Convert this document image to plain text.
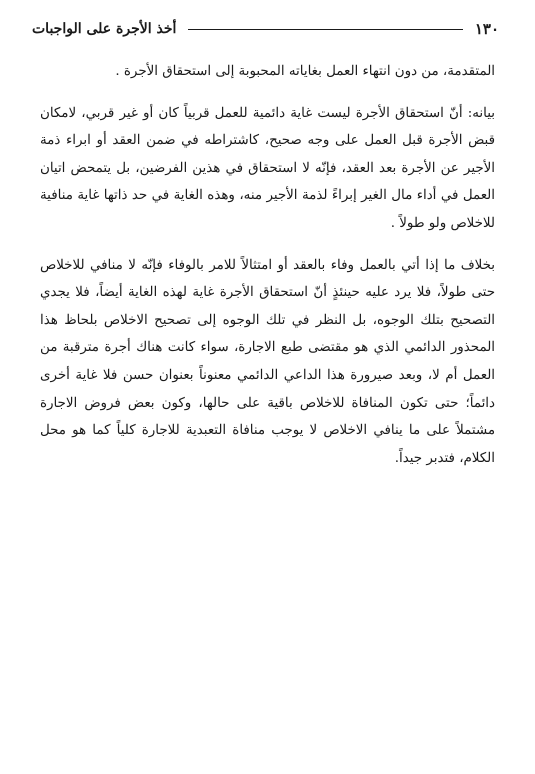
١٣٠
أخذ الأجرة على الواجبات

المتقدمة، من دون انتهاء العمل بغاياته المحبوبة إلى استحقاق الأجرة .

بيانه: أنّ استحقاق الأجرة ليست غاية دائمية للعمل قربياً كان أو غير قربي، لامكان قبض الأجرة قبل العمل على وجه صحيح، كاشتراطه في ضمن العقد أو ابراء ذمة الأجير عن الأجرة بعد العقد، فإنّه لا استحقاق في هذين الفرضين، بل يتمحض اتيان العمل في أداء مال الغير إبراءً لذمة الأجير منه، وهذه الغاية في حد ذاتها غاية منافية للاخلاص ولو طولاً .

بخلاف ما إذا أتي بالعمل وفاء بالعقد أو امتثالاً للامر بالوفاء فإنّه لا منافي للاخلاص حتى طولاً، فلا يرد عليه حينئذٍ أنّ استحقاق الأجرة غاية لهذه الغاية أيضاً، فلا يجدي التصحيح بتلك الوجوه، بل النظر في تلك الوجوه إلى تصحيح الاخلاص بلحاظ هذا المحذور الدائمي الذي هو مقتضى طبع الاجارة، سواء كانت هناك أجرة مترقبة من العمل أم لا، وبعد صيرورة هذا الداعي الدائمي معنوناً بعنوان حسن فلا غاية أخرى دائماً؛ حتى تكون المنافاة للاخلاص باقية على حالها، وكون بعض فروض الاجارة مشتملاً على ما ينافي الاخلاص لا يوجب منافاة التعبدية للاجارة كلياً كما هو محل الكلام، فتدبر جيداً.
